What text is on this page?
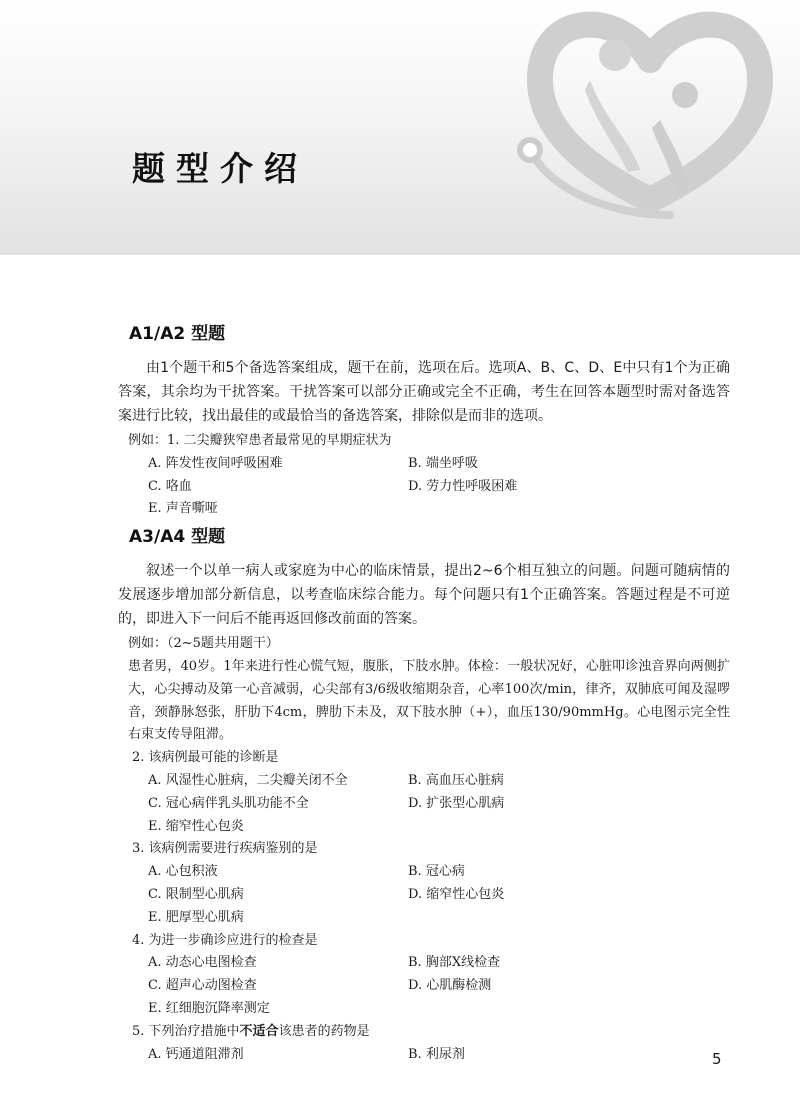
题型介绍
A1/A2 型题

由1个题干和5个备选答案组成，题干在前，选项在后。选项A、B、C、D、E中只有1个为正确答案，其余均为干扰答案。干扰答案可以部分正确或完全不正确，考生在回答本题型时需对备选答案进行比较，找出最佳的或最恰当的备选答案，排除似是而非的选项。

例如：1. 二尖瓣狭窄患者最常见的早期症状为
A. 阵发性夜间呼吸困难	B. 端坐呼吸
C. 咯血	D. 劳力性呼吸困难
E. 声音嘶哑
A3/A4 型题

叙述一个以单一病人或家庭为中心的临床情景，提出2~6个相互独立的问题。问题可随病情的发展逐步增加部分新信息，以考查临床综合能力。每个问题只有1个正确答案。答题过程是不可逆的，即进入下一问后不能再返回修改前面的答案。

例如：（2~5题共用题干）

患者男，40岁。1年来进行性心慌气短，腹胀，下肢水肿。体检：一般状况好，心脏叩诊浊音界向两侧扩大，心尖搏动及第一心音减弱，心尖部有3/6级收缩期杂音，心率100次/min，律齐，双肺底可闻及湿啰音，颈静脉怒张，肝肋下4cm，脾肋下未及，双下肢水肿（+），血压130/90mmHg。心电图示完全性右束支传导阻滞。

2. 该病例最可能的诊断是
A. 风湿性心脏病，二尖瓣关闭不全	B. 高血压心脏病
C. 冠心病伴乳头肌功能不全	D. 扩张型心肌病
E. 缩窄性心包炎
3. 该病例需要进行疾病鉴别的是
A. 心包积液	B. 冠心病
C. 限制型心肌病	D. 缩窄性心包炎
E. 肥厚型心肌病
4. 为进一步确诊应进行的检查是
A. 动态心电图检查	B. 胸部X线检查
C. 超声心动图检查	D. 心肌酶检测
E. 红细胞沉降率测定
5. 下列治疗措施中不适合该患者的药物是
A. 钙通道阻滞剂	B. 利尿剂	5
